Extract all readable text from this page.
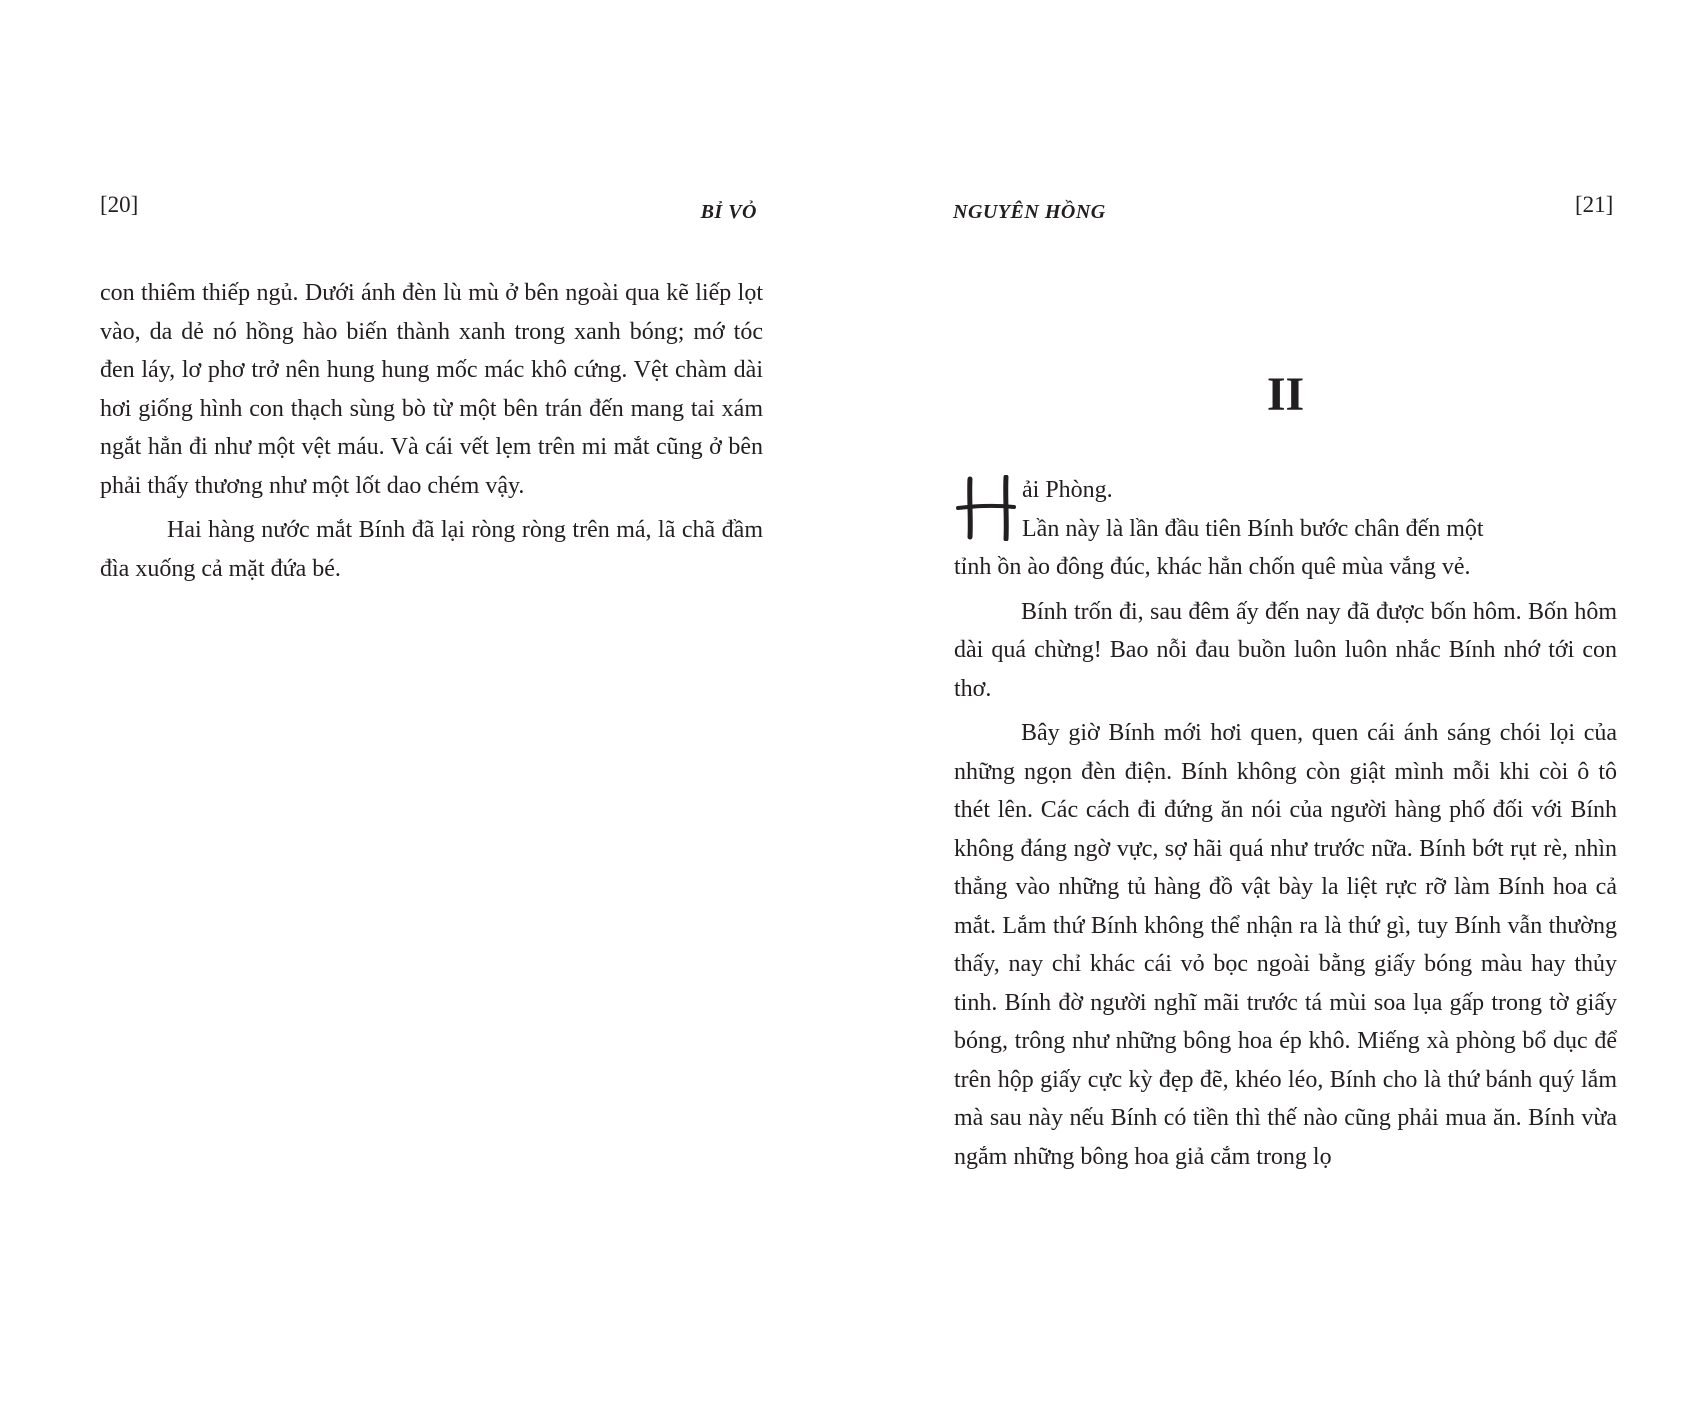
[20]	BỈ VỎ

con thiêm thiếp ngủ. Dưới ánh đèn lù mù ở bên ngoài qua kẽ liếp lọt vào, da dẻ nó hồng hào biến thành xanh trong xanh bóng; mớ tóc đen láy, lơ phơ trở nên hung hung mốc mác khô cứng. Vệt chàm dài hơi giống hình con thạch sùng bò từ một bên trán đến mang tai xám ngắt hẳn đi như một vệt máu. Và cái vết lẹm trên mi mắt cũng ở bên phải thấy thương như một lốt dao chém vậy.

Hai hàng nước mắt Bính đã lại ròng ròng trên má, lã chã đầm đìa xuống cả mặt đứa bé.

NGUYÊN HỒNG	[21]
II
ải Phòng.
Lần này là lần đầu tiên Bính bước chân đến một

tỉnh ồn ào đông đúc, khác hẳn chốn quê mùa vắng vẻ.

Bính trốn đi, sau đêm ấy đến nay đã được bốn hôm. Bốn hôm dài quá chừng! Bao nỗi đau buồn luôn luôn nhắc Bính nhớ tới con thơ.

Bây giờ Bính mới hơi quen, quen cái ánh sáng chói lọi của những ngọn đèn điện. Bính không còn giật mình mỗi khi còi ô tô thét lên. Các cách đi đứng ăn nói của người hàng phố đối với Bính không đáng ngờ vực, sợ hãi quá như trước nữa. Bính bớt rụt rè, nhìn thẳng vào những tủ hàng đồ vật bày la liệt rực rỡ làm Bính hoa cả mắt. Lắm thứ Bính không thể nhận ra là thứ gì, tuy Bính vẫn thường thấy, nay chỉ khác cái vỏ bọc ngoài bằng giấy bóng màu hay thủy tinh. Bính đờ người nghĩ mãi trước tá mùi soa lụa gấp trong tờ giấy bóng, trông như những bông hoa ép khô. Miếng xà phòng bổ dục để trên hộp giấy cực kỳ đẹp đẽ, khéo léo, Bính cho là thứ bánh quý lắm mà sau này nếu Bính có tiền thì thế nào cũng phải mua ăn. Bính vừa ngắm những bông hoa giả cắm trong lọ
